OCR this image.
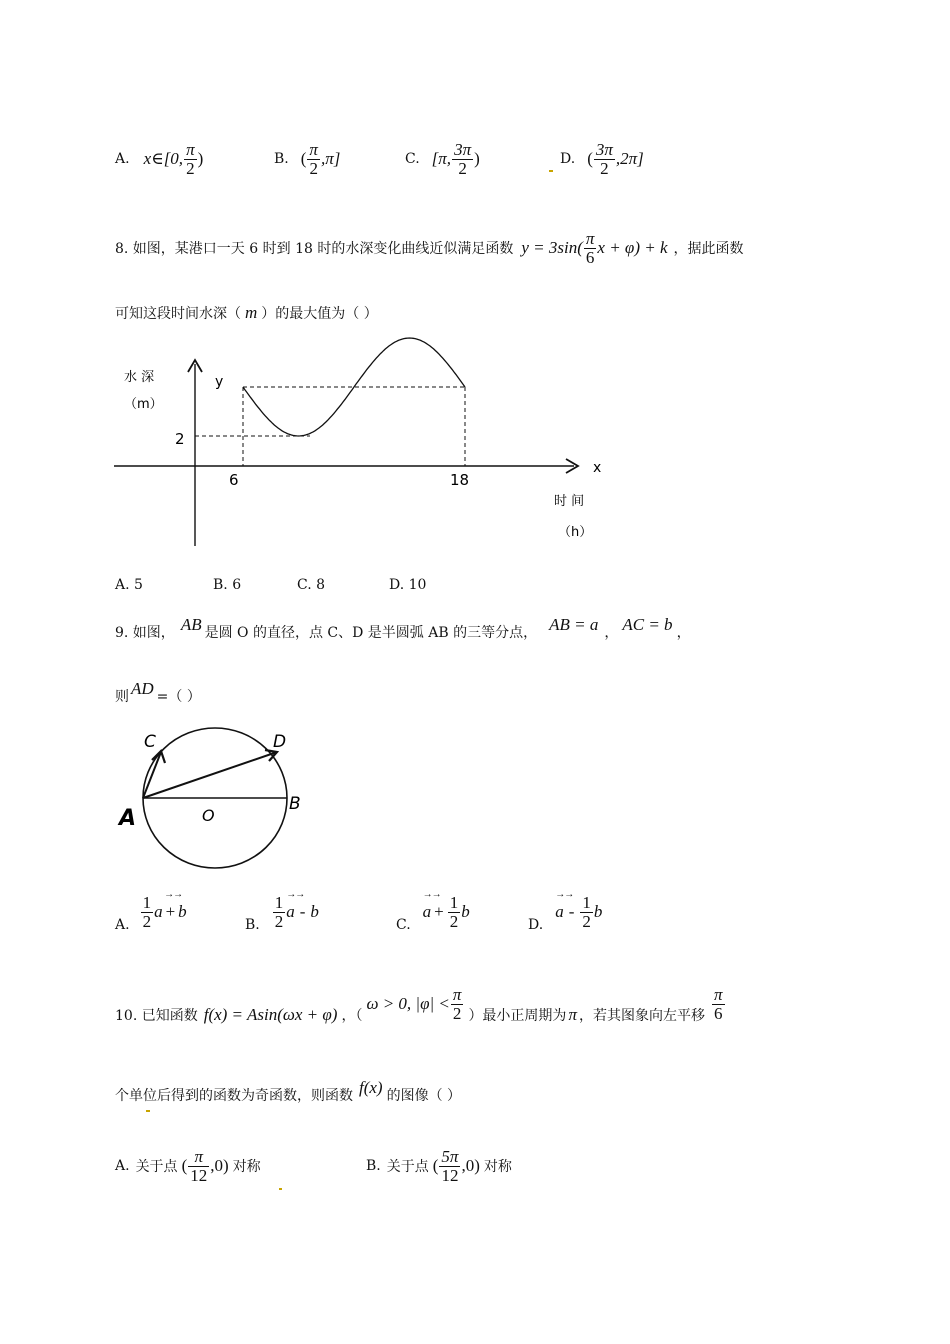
A. x∈[0, $\frac{\pi}{2}$ )	B. ( $\frac{\pi}{2} ,\pi$]	C. [π, $\frac{3\pi}{2}$ )	D. ( $\frac{3\pi}{2} ,2\pi$]
8. 如图，某港口一天 6 时到 18 时的水深变化曲线近似满足函数 $y = 3\sin( \frac{\pi}{6}$ x + φ) + k ，据此函数
可知这段时间水深（ m ）的最大值为（ ）
水 深
（m）
y
x
2
6	18
时 间
（h）
A. 5	B. 6	C. 8	D. 10
9. 如图， AB 是圆 O 的直径，点 C、D 是半圆弧 AB 的三等分点， AB = a ， AC = b ，
则 AD =（ ）
C	D
A
B
O
A. $\frac{1}{2}$ →→
a + b
B. $\frac{1}{2}$ →→
a - b
C.
→→
$a + \frac{1}{2}$ b
D.
→→
a - $\frac{1}{2}$ b
10. 已知函数 f(x) = Asin(ωx + φ) ，（
ω > 0, $|\varphi| < \frac{\pi}{2}$ ）最小正周期为 π ，若其图象向左平移 $\frac{\pi}{6}$
个单位后得到的函数为奇函数，则函数 f(x) 的图像（ ）
A. 关于点 ( $\frac{\pi}{12} ,0$) 对称	B. 关于点 ( $\frac{5\pi}{12} ,0$) 对称
